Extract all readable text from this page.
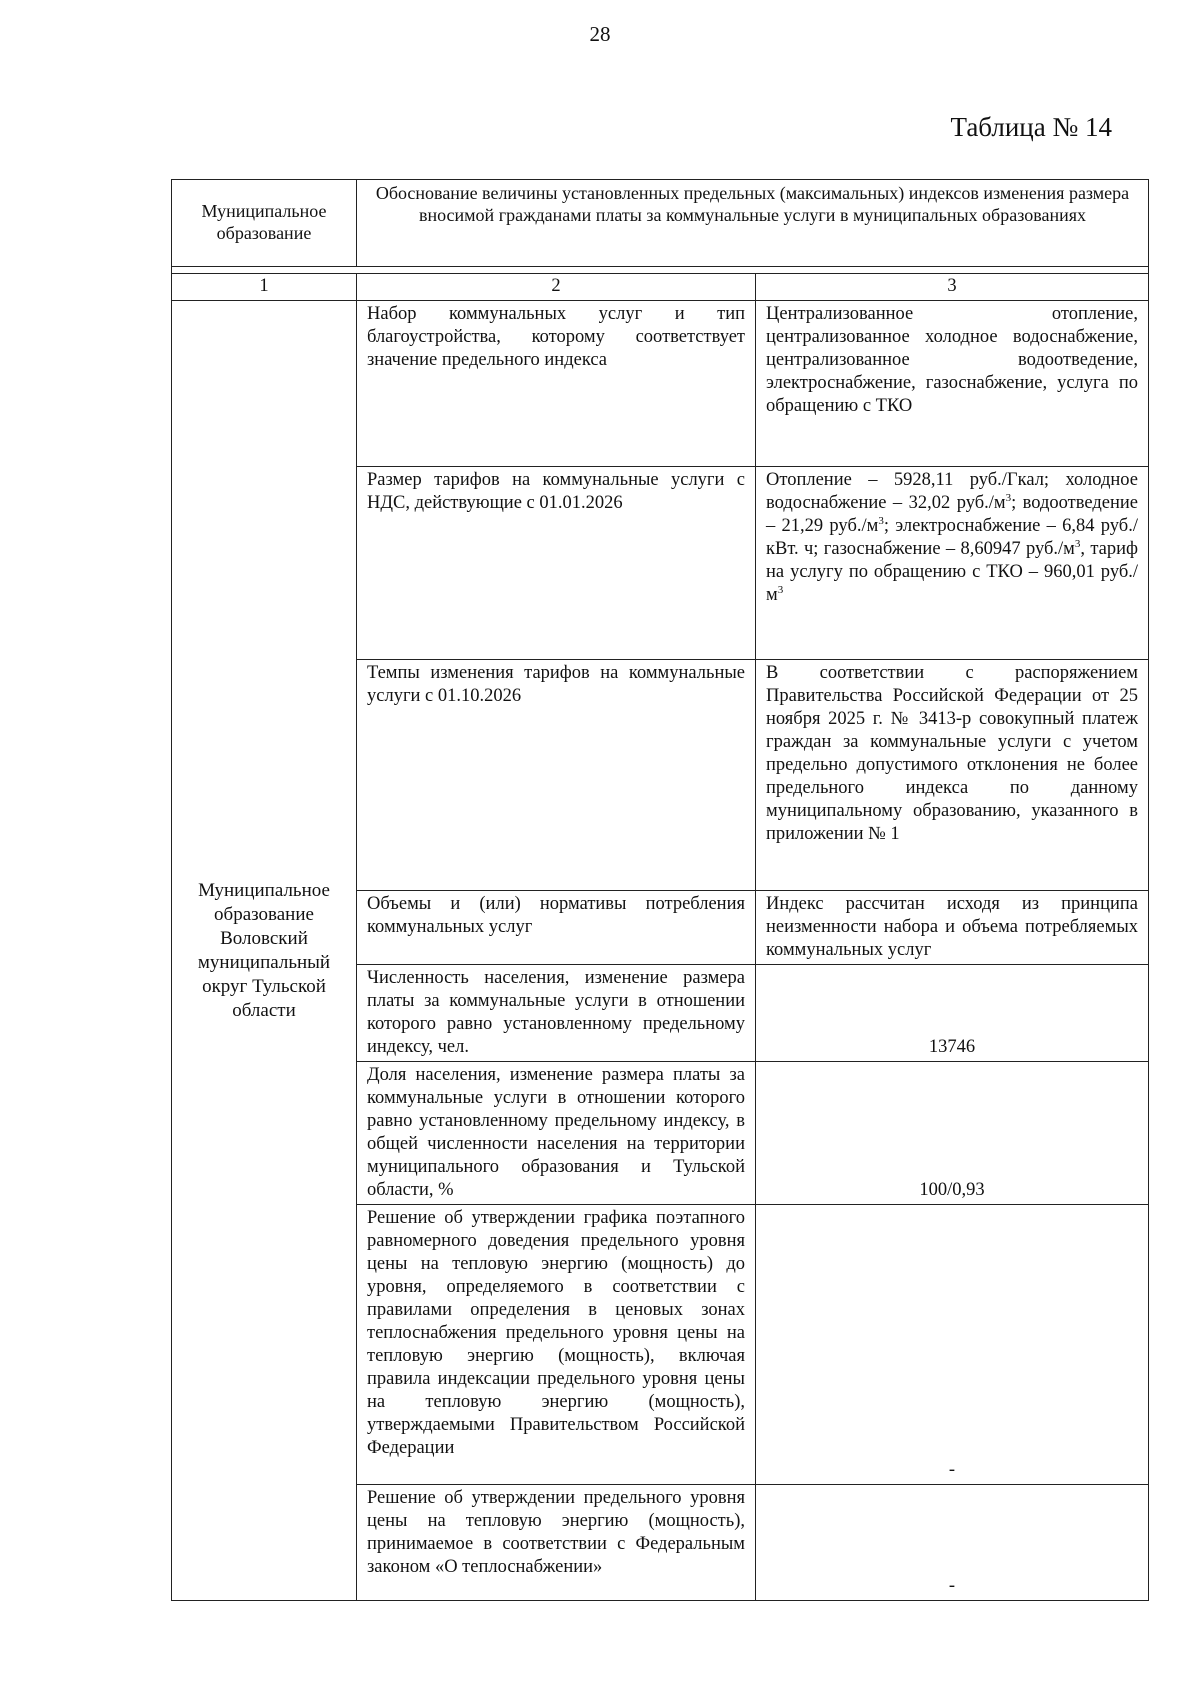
28
Таблица № 14
Муниципальное образование	Обоснование величины установленных предельных (максимальных) индексов изменения размера вносимой гражданами платы за коммунальные услуги в муниципальных образованиях	

1	2	3
Муниципальное образование Воловский муниципальный округ Тульской области	Набор коммунальных услуг и тип благоустройства, которому соответствует значение предельного индекса	Централизованное отопление, централизованное холодное водоснабжение, централизованное водоотведение, электроснабжение, газоснабжение, услуга по обращению с ТКО
	Размер тарифов на коммунальные услуги с НДС, действующие с 01.01.2026	Отопление – 5928,11 руб./Гкал; холодное водоснабжение – 32,02 $руб./м^3$; водоотведение – 21,29 $руб./м^3$; электроснабжение – 6,84 руб./кВт. ч; газоснабжение – 8,60947 $руб./м^3$, тариф на услугу по обращению с ТКО – 960,01 $руб./м^3$
	Темпы изменения тарифов на коммунальные услуги с 01.10.2026	В соответствии с распоряжением Правительства Российской Федерации от 25 ноября 2025 г. № 3413-р совокупный платеж граждан за коммунальные услуги с учетом предельно допустимого отклонения не более предельного индекса по данному муниципальному образованию, указанного в приложении № 1
	Объемы и (или) нормативы потребления коммунальных услуг	Индекс рассчитан исходя из принципа неизменности набора и объема потребляемых коммунальных услуг
	Численность населения, изменение размера платы за коммунальные услуги в отношении которого равно установленному предельному индексу, чел.	13746
	Доля населения, изменение размера платы за коммунальные услуги в отношении которого равно установленному предельному индексу, в общей численности населения на территории муниципального образования и Тульской области, %	100/0,93
	Решение об утверждении графика поэтапного равномерного доведения предельного уровня цены на тепловую энергию (мощность) до уровня, определяемого в соответствии с правилами определения в ценовых зонах теплоснабжения предельного уровня цены на тепловую энергию (мощность), включая правила индексации предельного уровня цены на тепловую энергию (мощность), утверждаемыми Правительством Российской Федерации	-
	Решение об утверждении предельного уровня цены на тепловую энергию (мощность), принимаемое в соответствии с Федеральным законом «О теплоснабжении»	-
